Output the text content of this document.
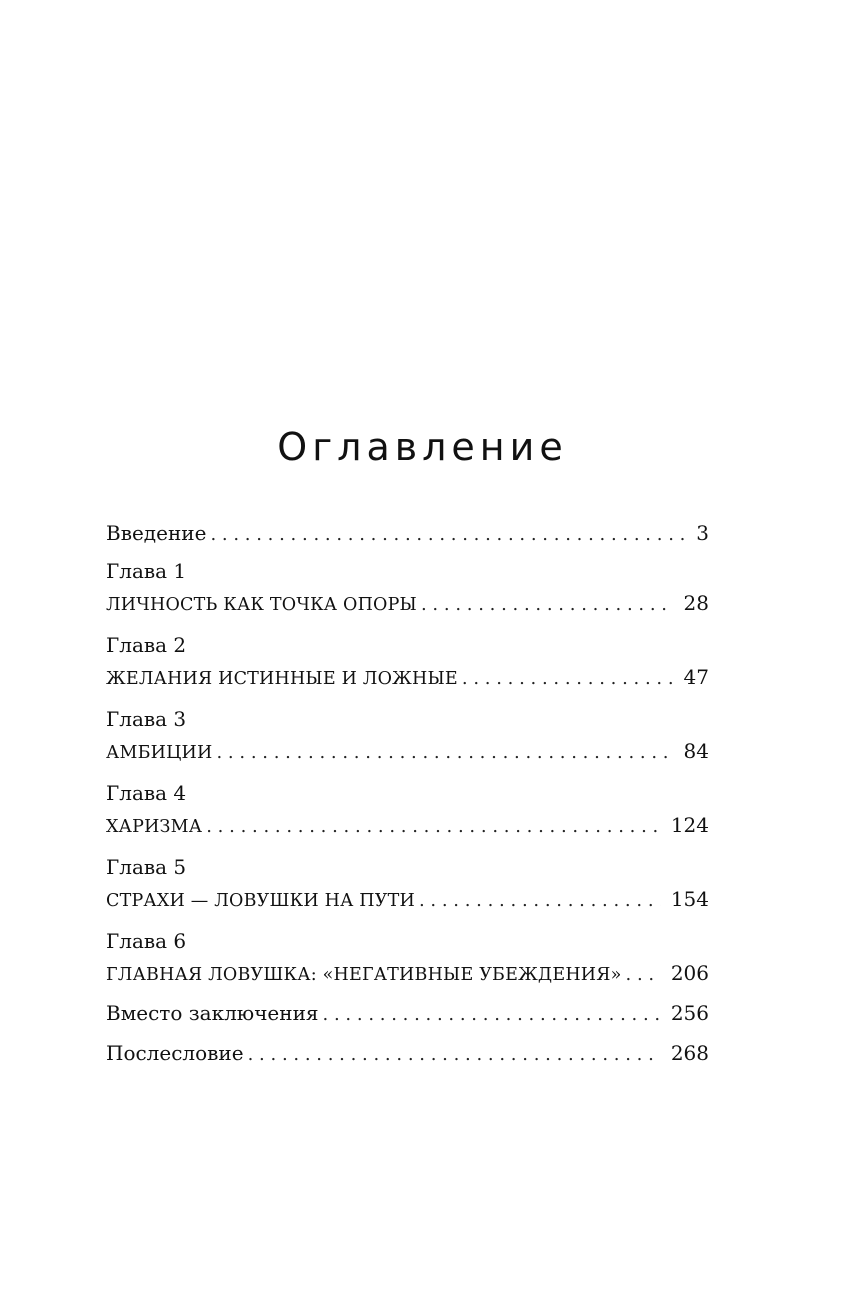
Оглавление
Введение . . .	3
Глава 1
ЛИЧНОСТЬ КАК ТОЧКА ОПОРЫ . . .	28
Глава 2
ЖЕЛАНИЯ ИСТИННЫЕ И ЛОЖНЫЕ . . .	47
Глава 3
АМБИЦИИ . . .	84
Глава 4
ХАРИЗМА . . .	124
Глава 5
СТРАХИ — ЛОВУШКИ НА ПУТИ . . .	154
Глава 6
ГЛАВНАЯ ЛОВУШКА: «НЕГАТИВНЫЕ УБЕЖДЕНИЯ» . . . 206
Вместо заключения . . .	256
Послесловие . . .	268
